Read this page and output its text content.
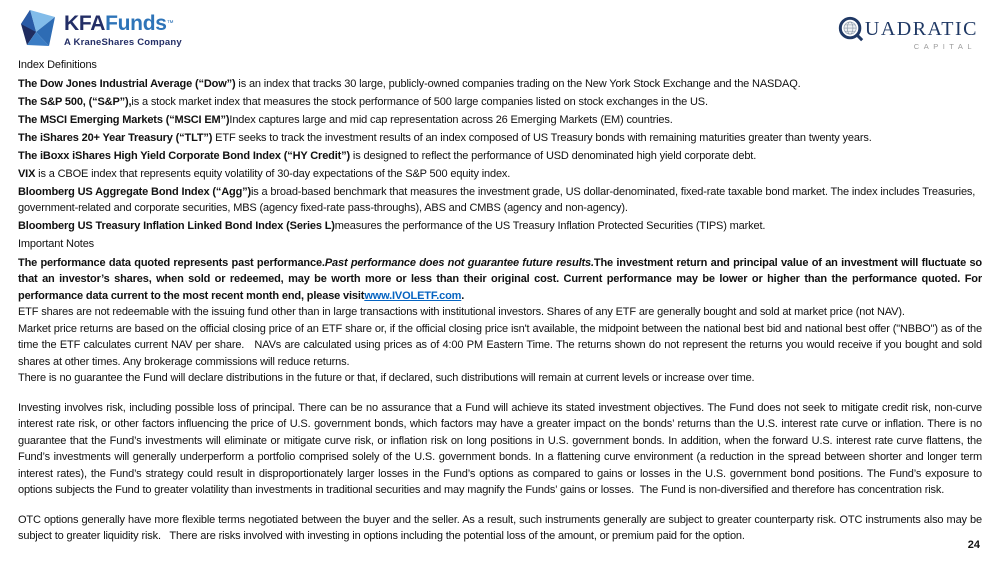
KFAFunds™
A KraneShares Company
UADRATIC
CAPITAL

Index Definitions

The Dow Jones Industrial Average (“Dow”) is an index that tracks 30 large, publicly-owned companies trading on the New York Stock Exchange and the NASDAQ.

The S&P 500, (“S&P”),is a stock market index that measures the stock performance of 500 large companies listed on stock exchanges in the US.

The MSCI Emerging Markets (“MSCI EM”)Index captures large and mid cap representation across 26 Emerging Markets (EM) countries.

The iShares 20+ Year Treasury (“TLT”) ETF seeks to track the investment results of an index composed of US Treasury bonds with remaining maturities greater than twenty years.

The iBoxx iShares High Yield Corporate Bond Index (“HY Credit”) is designed to reflect the performance of USD denominated high yield corporate debt.

VIX is a CBOE index that represents equity volatility of 30-day expectations of the S&P 500 equity index.

Bloomberg US Aggregate Bond Index (“Agg”)is a broad-based benchmark that measures the investment grade, US dollar-denominated, fixed-rate taxable bond market. The index includes Treasuries, government-related and corporate securities, MBS (agency fixed-rate pass-throughs), ABS and CMBS (agency and non-agency).

Bloomberg US Treasury Inflation Linked Bond Index (Series L)measures the performance of the US Treasury Inflation Protected Securities (TIPS) market.

Important Notes

The performance data quoted represents past performance.Past performance does not guarantee future results.The investment return and principal value of an investment will fluctuate so that an investor’s shares, when sold or redeemed, may be worth more or less than their original cost. Current performance may be lower or higher than the performance quoted. For performance data current to the most recent month end, please visitwww.IVOLETF.com.

ETF shares are not redeemable with the issuing fund other than in large transactions with institutional investors. Shares of any ETF are generally bought and sold at market price (not NAV).

Market price returns are based on the official closing price of an ETF share or, if the official closing price isn't available, the midpoint between the national best bid and national best offer ("NBBO") as of the time the ETF calculates current NAV per share.   NAVs are calculated using prices as of 4:00 PM Eastern Time. The returns shown do not represent the returns you would receive if you bought and sold shares at other times. Any brokerage commissions will reduce returns.

There is no guarantee the Fund will declare distributions in the future or that, if declared, such distributions will remain at current levels or increase over time.

Investing involves risk, including possible loss of principal. There can be no assurance that a Fund will achieve its stated investment objectives. The Fund does not seek to mitigate credit risk, non-curve interest rate risk, or other factors influencing the price of U.S. government bonds, which factors may have a greater impact on the bonds’ returns than the U.S. interest rate curve or inflation. There is no guarantee that the Fund’s investments will eliminate or mitigate curve risk, or inflation risk on long positions in U.S. government bonds. In addition, when the forward U.S. interest rate curve flattens, the Fund’s investments will generally underperform a portfolio comprised solely of the U.S. government bonds. In a flattening curve environment (a reduction in the spread between shorter and longer term interest rates), the Fund’s strategy could result in disproportionately larger losses in the Fund’s options as compared to gains or losses in the U.S. government bond positions. The Fund’s exposure to options subjects the Fund to greater volatility than investments in traditional securities and may magnify the Funds’ gains or losses.  The Fund is non-diversified and therefore has concentration risk.

OTC options generally have more flexible terms negotiated between the buyer and the seller. As a result, such instruments generally are subject to greater counterparty risk. OTC instruments also may be subject to greater liquidity risk.   There are risks involved with investing in options including the potential loss of the amount, or premium paid for the option.

24
